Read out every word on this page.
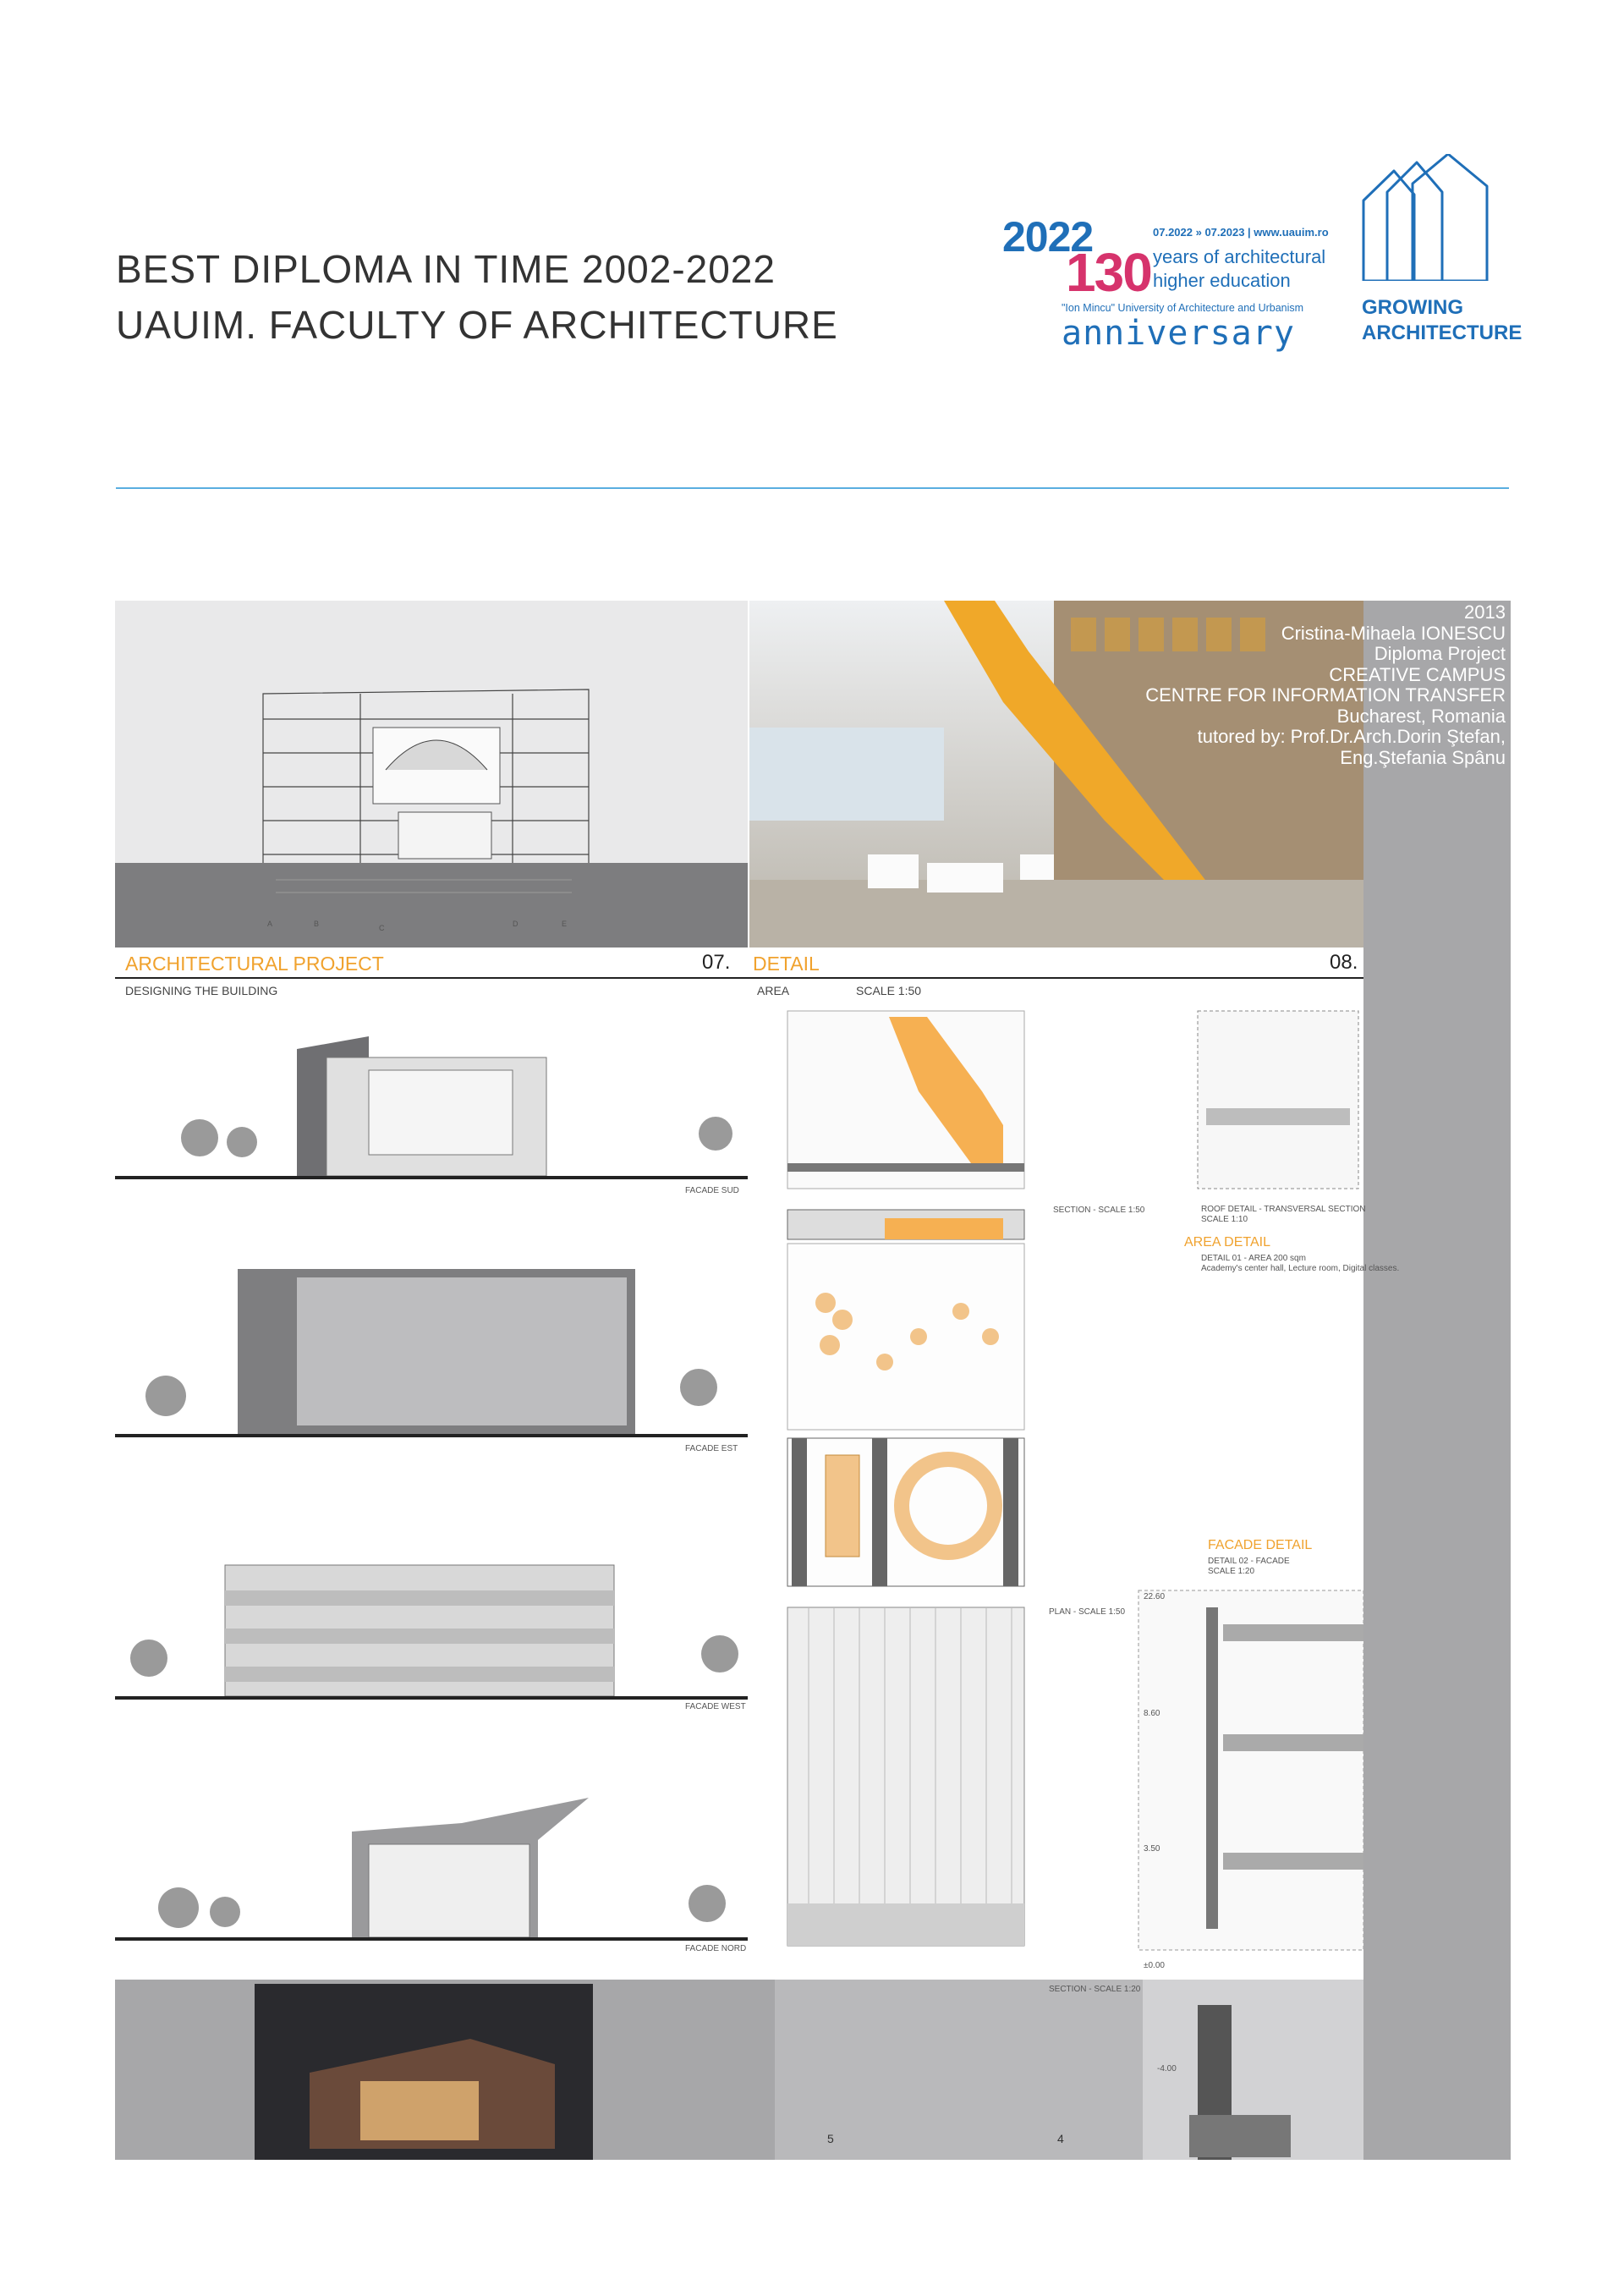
BEST DIPLOMA IN TIME 2002-2022
UAUIM. FACULTY OF ARCHITECTURE
2022
130
07.2022 » 07.2023 | www.uauim.ro
years of architectural
higher education
"Ion Mincu" University of Architecture and Urbanism
anniversary
GROWING
ARCHITECTURE
A	B	C	D	E
2013
Cristina-Mihaela IONESCU
Diploma Project
CREATIVE CAMPUS
CENTRE FOR INFORMATION TRANSFER
Bucharest, Romania
tutored by: Prof.Dr.Arch.Dorin Ştefan,
Eng.Ştefania Spânu
ARCHITECTURAL PROJECT	07. DETAIL	08.
DESIGNING THE BUILDING	AREA	SCALE 1:50
FACADE SUD
FACADE EST
FACADE WEST
FACADE NORD
SECTION - SCALE 1:50	ROOF DETAIL - TRANSVERSAL SECTION
SCALE 1:10
AREA DETAIL
DETAIL 01 - AREA 200 sqm
Academy's center hall, Lecture room, Digital classes.
PLAN - SCALE 1:50
FACADE DETAIL
DETAIL 02 - FACADE
SCALE 1:20
22.60
8.60
3.50
±0.00
SECTION - SCALE 1:20
-4.00
5	4
